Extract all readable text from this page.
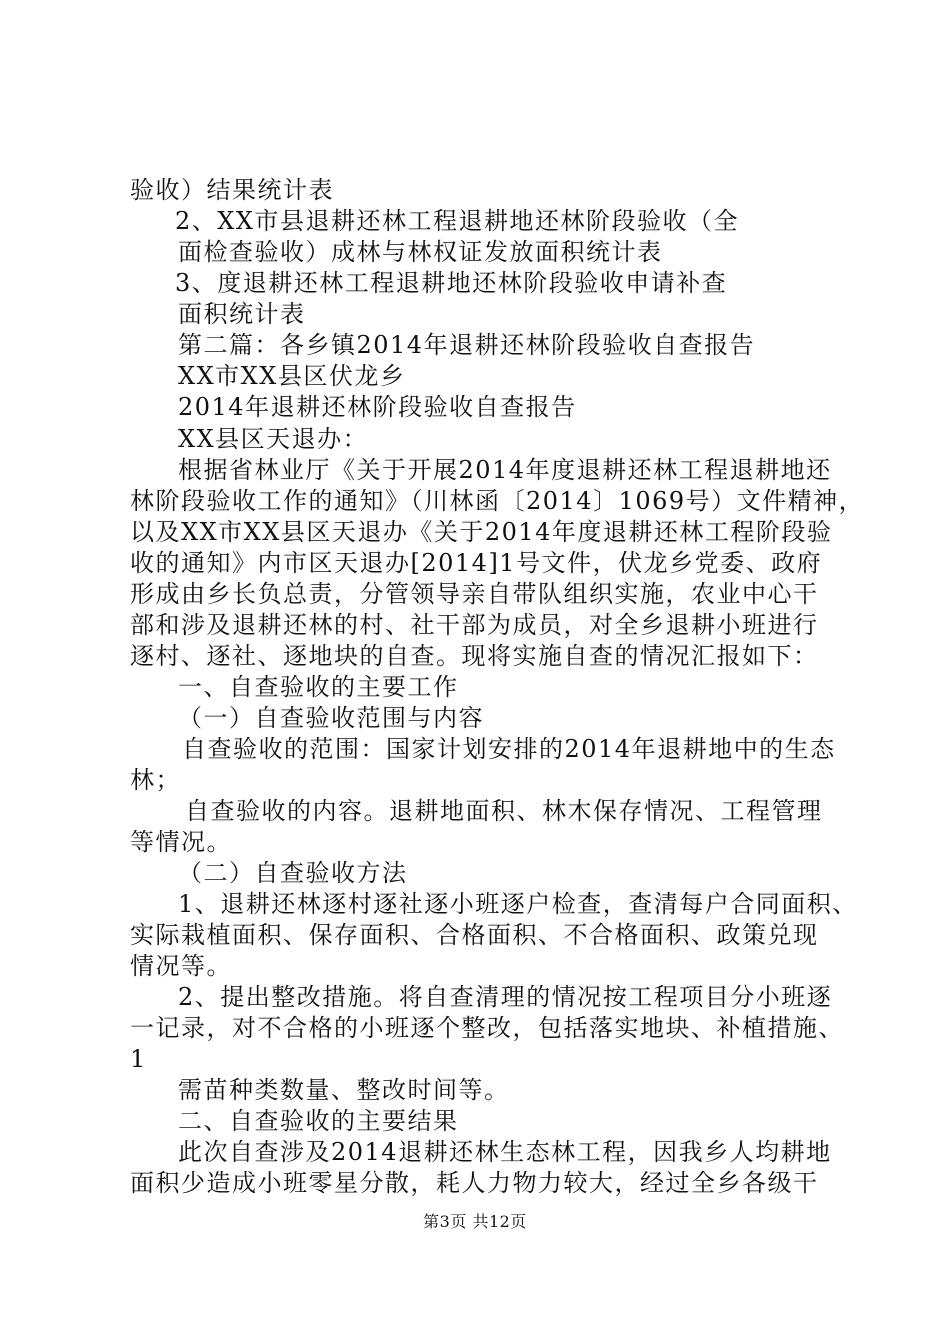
验收）结果统计表
2、XX市县退耕还林工程退耕地还林阶段验收（全
面检查验收）成林与林权证发放面积统计表
3、度退耕还林工程退耕地还林阶段验收申请补查
面积统计表
第二篇：各乡镇2014年退耕还林阶段验收自查报告
XX市XX县区伏龙乡
2014年退耕还林阶段验收自查报告
XX县区天退办：
根据省林业厅《关于开展2014年度退耕还林工程退耕地还
林阶段验收工作的通知》（川林函〔2014〕1069号）文件精神，
以及XX市XX县区天退办《关于2014年度退耕还林工程阶段验
收的通知》内市区天退办[2014]1号文件，伏龙乡党委、政府
形成由乡长负总责，分管领导亲自带队组织实施，农业中心干
部和涉及退耕还林的村、社干部为成员，对全乡退耕小班进行
逐村、逐社、逐地块的自查。现将实施自查的情况汇报如下：
一、自查验收的主要工作
（一）自查验收范围与内容
自查验收的范围：国家计划安排的2014年退耕地中的生态
林；
自查验收的内容。退耕地面积、林木保存情况、工程管理
等情况。
（二）自查验收方法
1、退耕还林逐村逐社逐小班逐户检查，查清每户合同面积、
实际栽植面积、保存面积、合格面积、不合格面积、政策兑现
情况等。
2、提出整改措施。将自查清理的情况按工程项目分小班逐
一记录，对不合格的小班逐个整改，包括落实地块、补植措施、
1
需苗种类数量、整改时间等。
二、自查验收的主要结果
此次自查涉及2014退耕还林生态林工程，因我乡人均耕地
面积少造成小班零星分散，耗人力物力较大，经过全乡各级干
第3页 共12页
